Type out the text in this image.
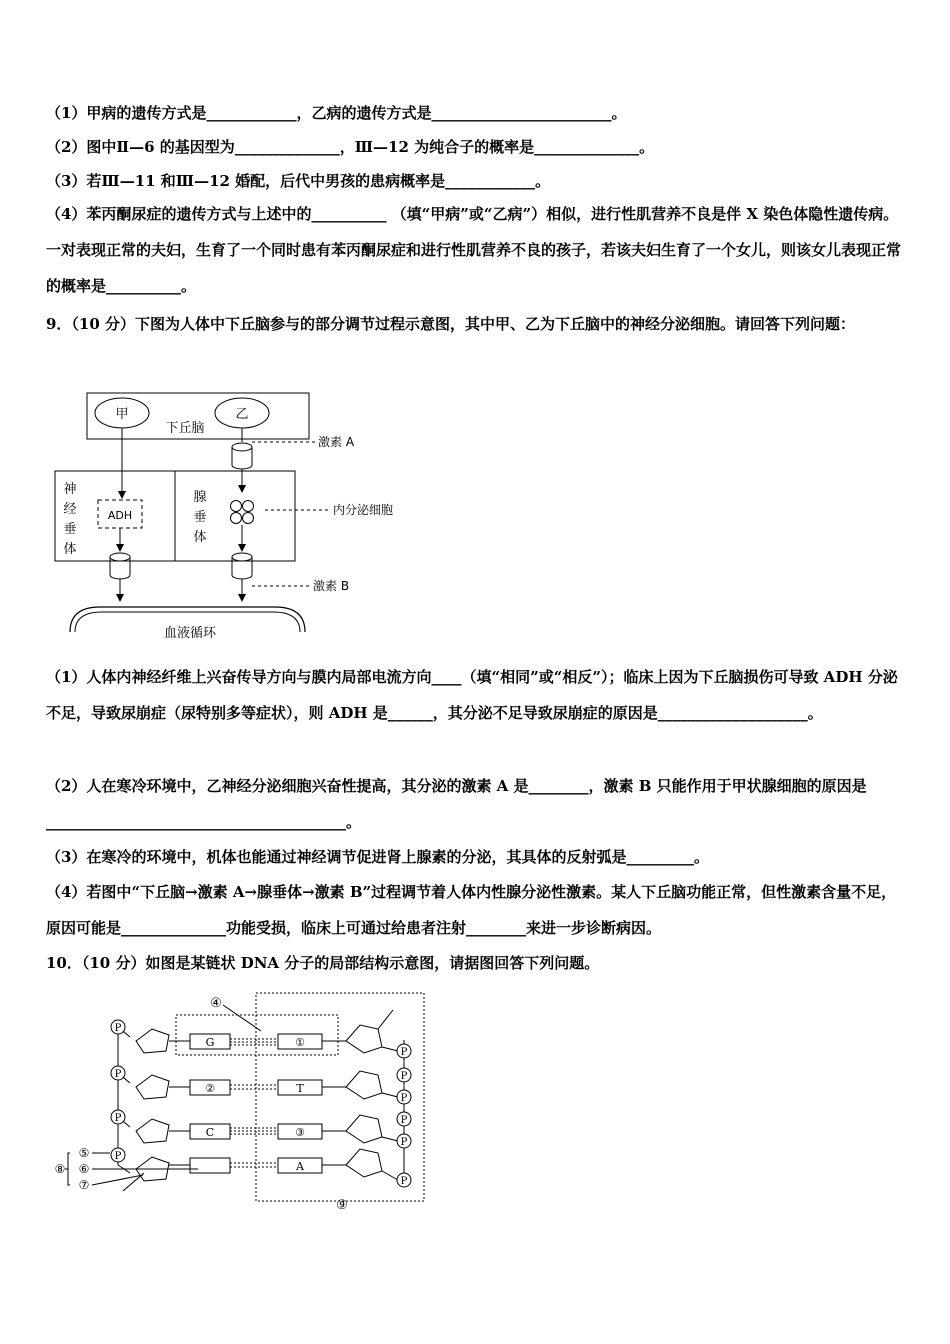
（1）甲病的遗传方式是____________，乙病的遗传方式是________________________。
（2）图中Ⅱ—6 的基因型为______________，Ⅲ—12 为纯合子的概率是______________。
（3）若Ⅲ—11 和Ⅲ—12 婚配，后代中男孩的患病概率是____________。
（4）苯丙酮尿症的遗传方式与上述中的__________ （填“甲病”或“乙病”）相似，进行性肌营养不良是伴 X 染色体隐性遗传病。一对表现正常的夫妇，生育了一个同时患有苯丙酮尿症和进行性肌营养不良的孩子，若该夫妇生育了一个女儿，则该女儿表现正常的概率是__________。
9．（10 分）下图为人体中下丘脑参与的部分调节过程示意图，其中甲、乙为下丘脑中的神经分泌细胞。请回答下列问题：
甲	乙
下丘脑
神
经
垂
体
腺
垂
体
ADH
激素 A
内分泌细胞
激素 B
血液循环
（1）人体内神经纤维上兴奋传导方向与膜内局部电流方向____（填“相同”或“相反”）；临床上因为下丘脑损伤可导致 ADH 分泌不足，导致尿崩症（尿特别多等症状），则 ADH 是______，其分泌不足导致尿崩症的原因是____________________。
（2）人在寒冷环境中，乙神经分泌细胞兴奋性提高，其分泌的激素 A 是________，激素 B 只能作用于甲状腺细胞的原因是________________________________________。
（3）在寒冷的环境中，机体也能通过神经调节促进肾上腺素的分泌，其具体的反射弧是_________。
（4）若图中“下丘脑→激素 A→腺垂体→激素 B”过程调节着人体内性腺分泌性激素。某人下丘脑功能正常，但性激素含量不足，原因可能是______________功能受损，临床上可通过给患者注射________来进一步诊断病因。
10．（10 分）如图是某链状 DNA 分子的局部结构示意图，请据图回答下列问题。
⑨
④
P
G	①
P
P
②	T
P
P
P
C	③
P
P
P
A
P
⑤
⑥
⑦
⑧
